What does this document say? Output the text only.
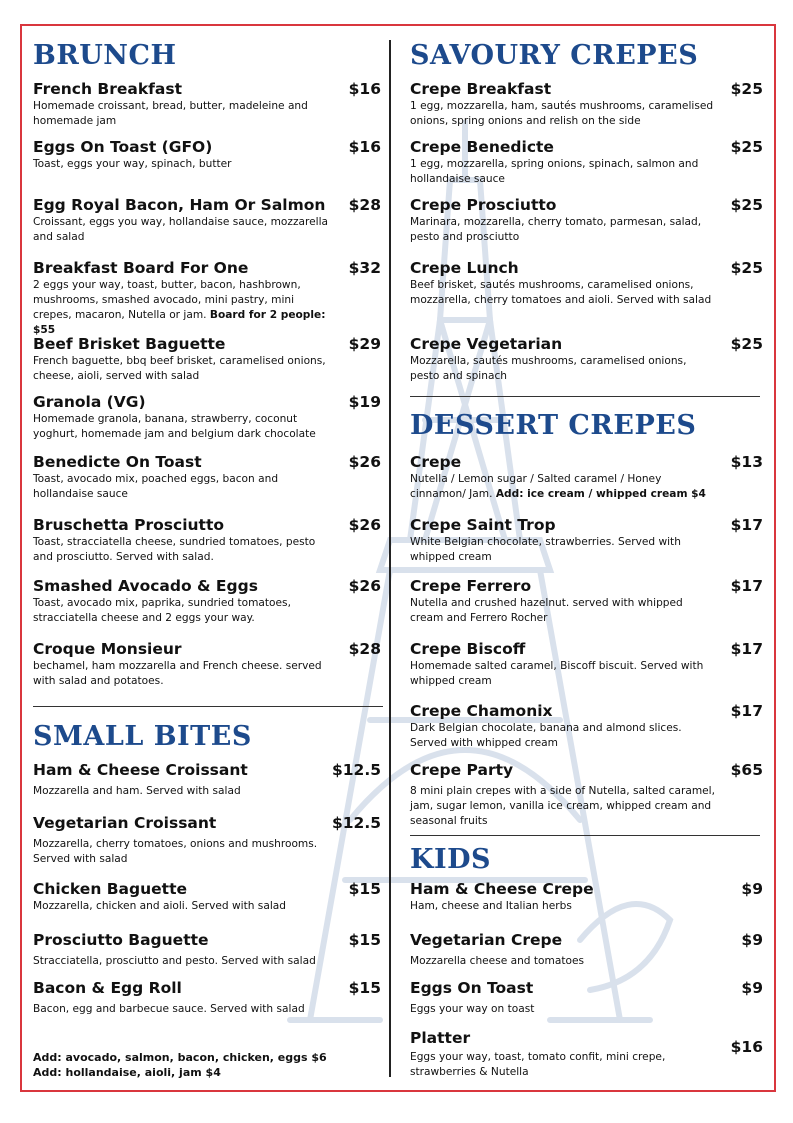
BRUNCH
French Breakfast	$16
Homemade croissant, bread, butter, madeleine and homemade jam
Eggs On Toast (GFO)	$16
Toast, eggs your way, spinach, butter
Egg Royal Bacon, Ham Or Salmon	$28
Croissant, eggs you way, hollandaise sauce, mozzarella and salad
Breakfast Board For One	$32
2 eggs your way, toast, butter, bacon, hashbrown, mushrooms, smashed avocado, mini pastry, mini crepes, macaron, Nutella or jam. Board for 2 people: $55
Beef Brisket Baguette	$29
French baguette, bbq beef brisket, caramelised onions, cheese, aioli, served with salad
Granola (VG)	$19
Homemade granola, banana, strawberry, coconut yoghurt, homemade jam and belgium dark chocolate
Benedicte On Toast	$26
Toast, avocado mix, poached eggs, bacon and hollandaise sauce
Bruschetta Prosciutto	$26
Toast, stracciatella cheese, sundried tomatoes, pesto and prosciutto. Served with salad.
Smashed Avocado & Eggs	$26
Toast, avocado mix, paprika, sundried tomatoes, stracciatella cheese and 2 eggs your way.
Croque Monsieur	$28
bechamel, ham mozzarella and French cheese. served with salad and potatoes.
SMALL BITES
Ham & Cheese Croissant	$12.5
Mozzarella and ham. Served with salad
Vegetarian Croissant	$12.5
Mozzarella, cherry tomatoes, onions and mushrooms. Served with salad
Chicken Baguette	$15
Mozzarella, chicken and aioli. Served with salad
Prosciutto Baguette	$15
Stracciatella, prosciutto and pesto. Served with salad
Bacon & Egg Roll	$15
Bacon, egg and barbecue sauce. Served with salad
Add: avocado, salmon, bacon, chicken, eggs $6
Add: hollandaise, aioli, jam $4
SAVOURY CREPES
Crepe Breakfast	$25
1 egg, mozzarella, ham, sautés mushrooms, caramelised onions, spring onions and relish on the side
Crepe Benedicte	$25
1 egg, mozzarella, spring onions, spinach, salmon and hollandaise sauce
Crepe Prosciutto	$25
Marinara, mozzarella, cherry tomato, parmesan, salad, pesto and prosciutto
Crepe Lunch	$25
Beef brisket, sautés mushrooms, caramelised onions, mozzarella, cherry tomatoes and aioli. Served with salad
Crepe Vegetarian	$25
Mozzarella, sautés mushrooms, caramelised onions, pesto and spinach
DESSERT CREPES
Crepe	$13
Nutella / Lemon sugar / Salted caramel / Honey cinnamon/ Jam. Add: ice cream / whipped cream $4
Crepe Saint Trop	$17
White Belgian chocolate, strawberries. Served with whipped cream
Crepe Ferrero	$17
Nutella and crushed hazelnut. served with whipped cream and Ferrero Rocher
Crepe Biscoff	$17
Homemade salted caramel, Biscoff biscuit. Served with whipped cream
Crepe Chamonix	$17
Dark Belgian chocolate, banana and almond slices. Served with whipped cream
Crepe Party	$65
8 mini plain crepes with a side of Nutella, salted caramel, jam, sugar lemon, vanilla ice cream, whipped cream and seasonal fruits
KIDS
Ham & Cheese Crepe	$9
Ham, cheese and Italian herbs
Vegetarian Crepe	$9
Mozzarella cheese and tomatoes
Eggs On Toast	$9
Eggs your way on toast
Platter	$16
Eggs your way, toast, tomato confit, mini crepe, strawberries & Nutella
